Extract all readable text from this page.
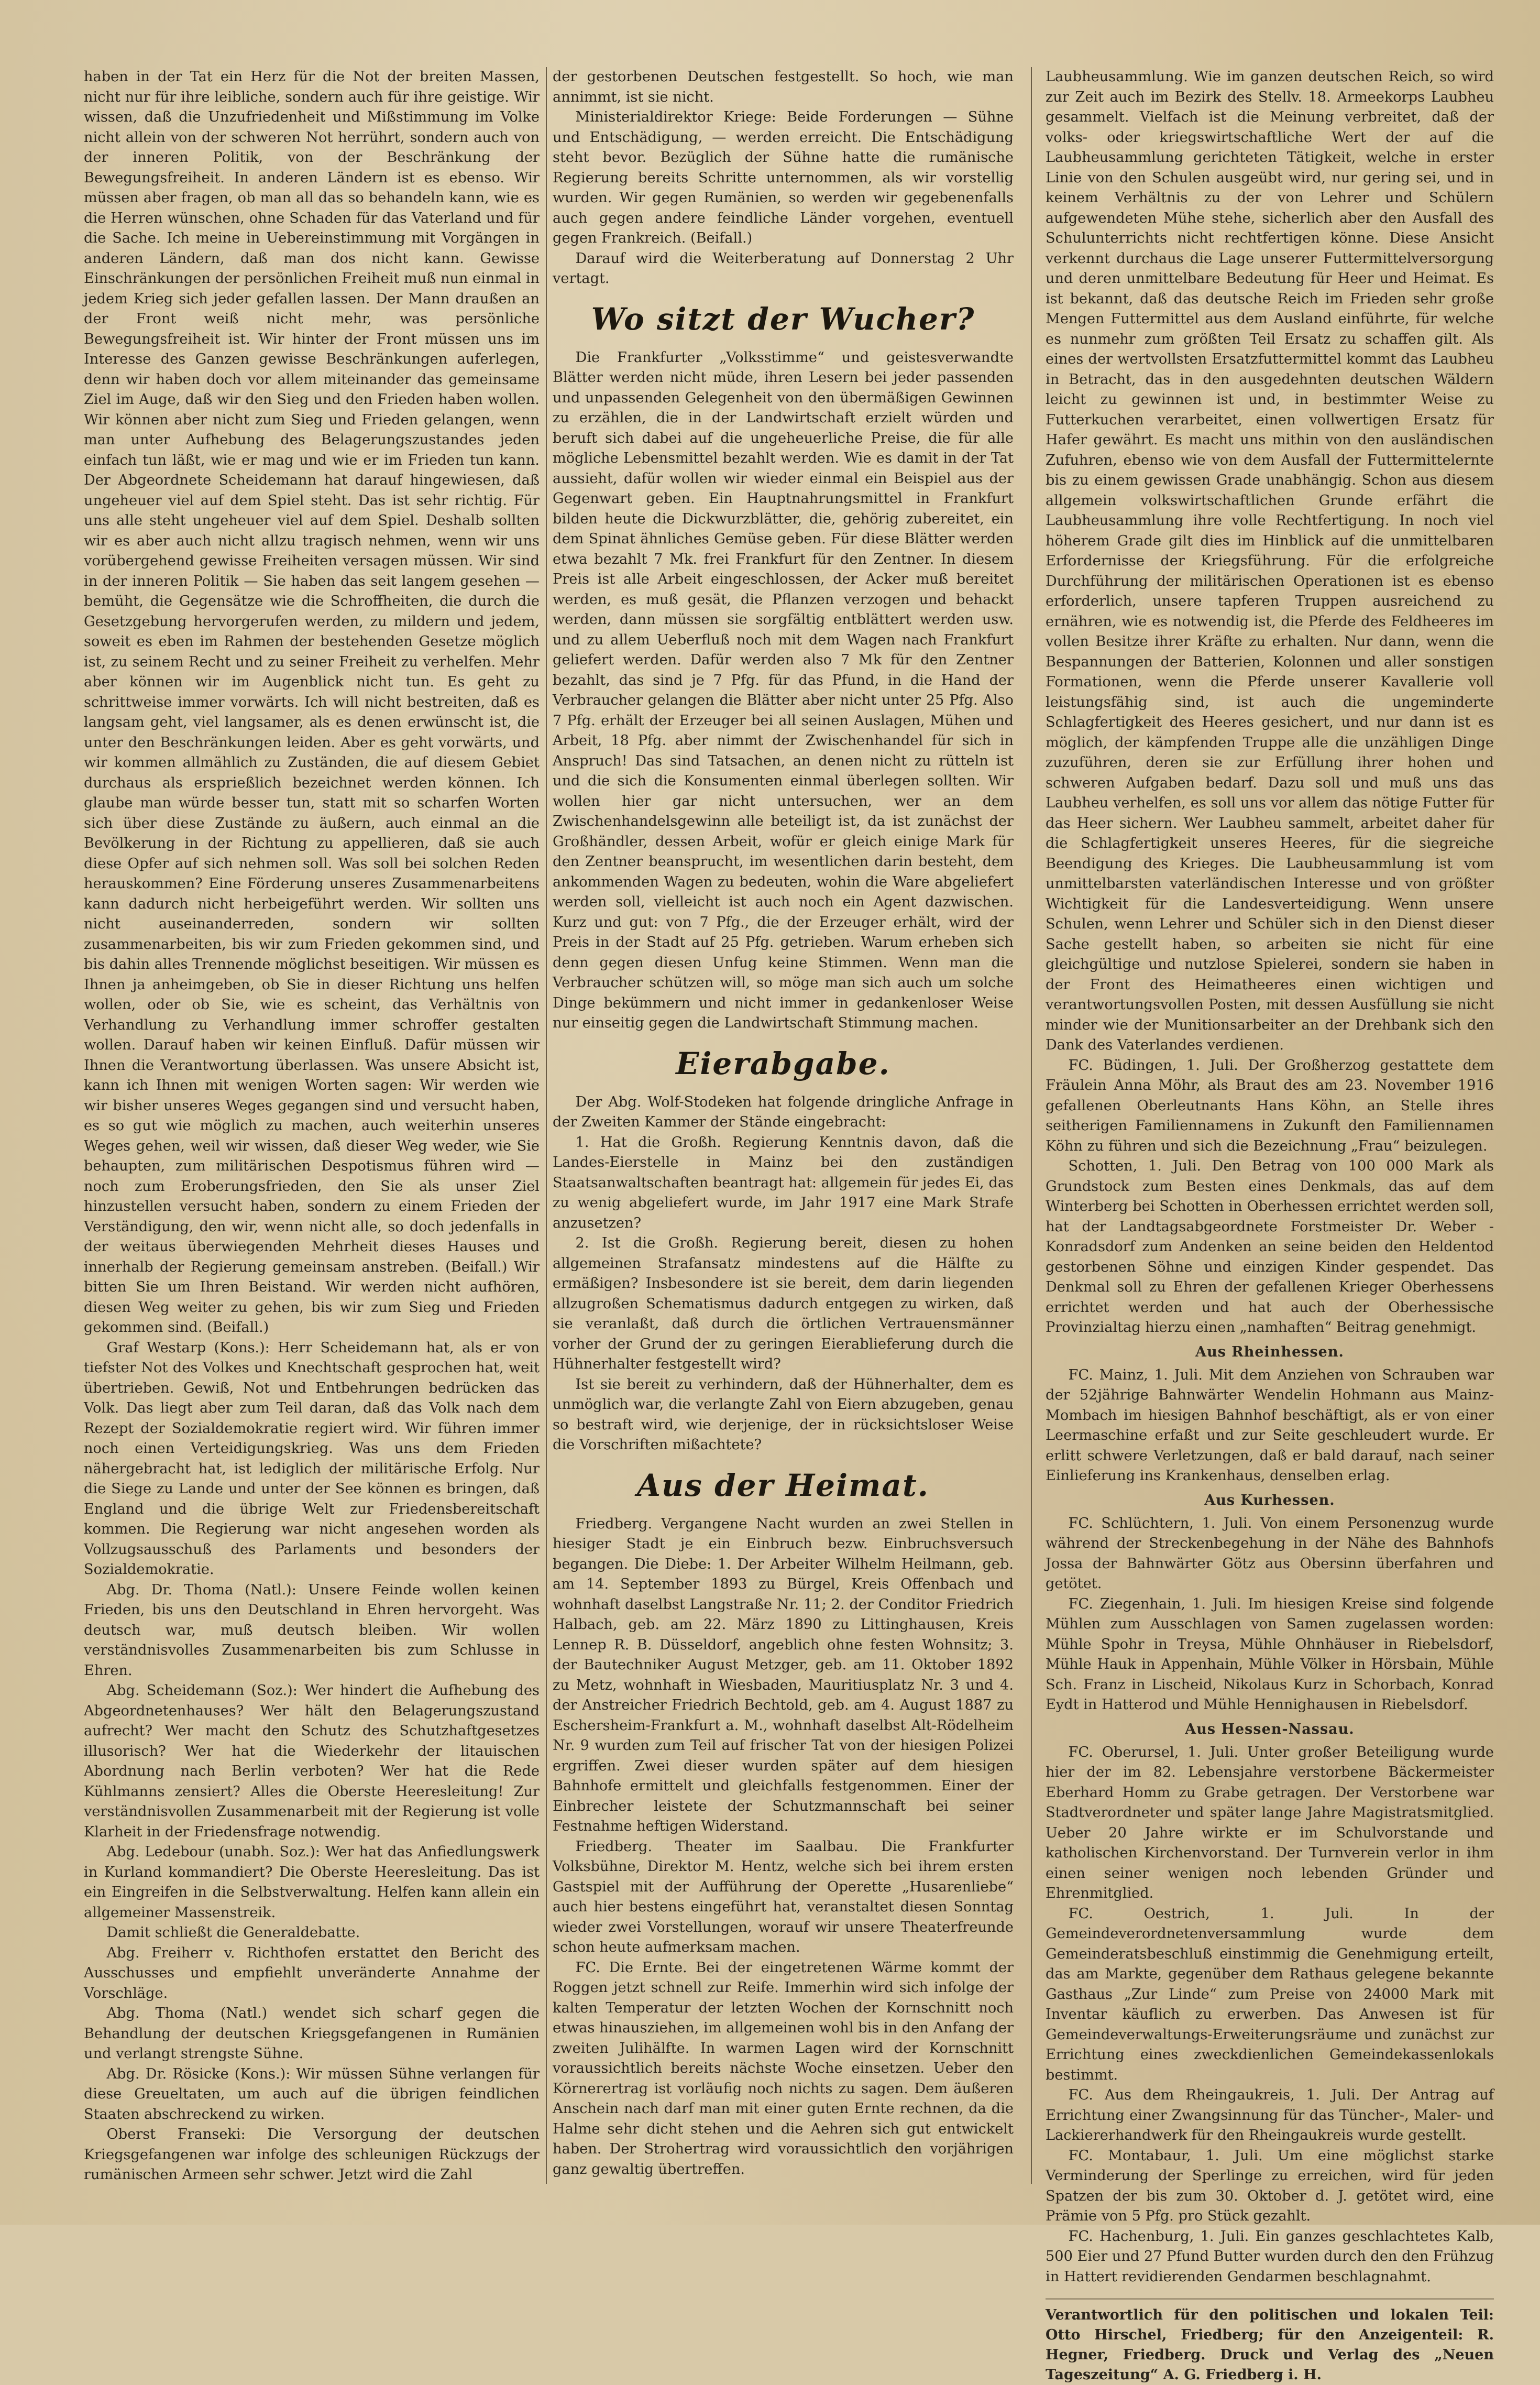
haben in der Tat ein Herz für die Not der breiten Massen, nicht nur für ihre leibliche, sondern auch für ihre geistige. Wir wissen, daß die Unzufriedenheit und Mißstimmung im Volke nicht allein von der schweren Not herrührt, sondern auch von der inneren Politik, von der Beschränkung der Bewegungsfreiheit. In anderen Ländern ist es ebenso. Wir müssen aber fragen, ob man all das so behandeln kann, wie es die Herren wünschen, ohne Schaden für das Vaterland und für die Sache. Ich meine in Uebereinstimmung mit Vorgängen in anderen Ländern, daß man dos nicht kann. Gewisse Einschränkungen der persönlichen Freiheit muß nun einmal in jedem Krieg sich jeder gefallen lassen. Der Mann draußen an der Front weiß nicht mehr, was persönliche Bewegungsfreiheit ist. Wir hinter der Front müssen uns im Interesse des Ganzen gewisse Beschränkungen auferlegen, denn wir haben doch vor allem miteinander das gemeinsame Ziel im Auge, daß wir den Sieg und den Frieden haben wollen. Wir können aber nicht zum Sieg und Frieden gelangen, wenn man unter Aufhebung des Belagerungszustandes jeden einfach tun läßt, wie er mag und wie er im Frieden tun kann. Der Abgeordnete Scheidemann hat darauf hingewiesen, daß ungeheuer viel auf dem Spiel steht. Das ist sehr richtig. Für uns alle steht ungeheuer viel auf dem Spiel. Deshalb sollten wir es aber auch nicht allzu tragisch nehmen, wenn wir uns vorübergehend gewisse Freiheiten versagen müssen. Wir sind in der inneren Politik — Sie haben das seit langem gesehen — bemüht, die Gegensätze wie die Schroffheiten, die durch die Gesetzgebung hervorgerufen werden, zu mildern und jedem, soweit es eben im Rahmen der bestehenden Gesetze möglich ist, zu seinem Recht und zu seiner Freiheit zu verhelfen. Mehr aber können wir im Augenblick nicht tun. Es geht zu schrittweise immer vorwärts. Ich will nicht bestreiten, daß es langsam geht, viel langsamer, als es denen erwünscht ist, die unter den Beschränkungen leiden. Aber es geht vorwärts, und wir kommen allmählich zu Zuständen, die auf diesem Gebiet durchaus als ersprießlich bezeichnet werden können. Ich glaube man würde besser tun, statt mit so scharfen Worten sich über diese Zustände zu äußern, auch einmal an die Bevölkerung in der Richtung zu appellieren, daß sie auch diese Opfer auf sich nehmen soll. Was soll bei solchen Reden herauskommen? Eine Förderung unseres Zusammenarbeitens kann dadurch nicht herbeigeführt werden. Wir sollten uns nicht auseinanderreden, sondern wir sollten zusammenarbeiten, bis wir zum Frieden gekommen sind, und bis dahin alles Trennende möglichst beseitigen. Wir müssen es Ihnen ja anheimgeben, ob Sie in dieser Richtung uns helfen wollen, oder ob Sie, wie es scheint, das Verhältnis von Verhandlung zu Verhandlung immer schroffer gestalten wollen. Darauf haben wir keinen Einfluß. Dafür müssen wir Ihnen die Verantwortung überlassen. Was unsere Absicht ist, kann ich Ihnen mit wenigen Worten sagen: Wir werden wie wir bisher unseres Weges gegangen sind und versucht haben, es so gut wie möglich zu machen, auch weiterhin unseres Weges gehen, weil wir wissen, daß dieser Weg weder, wie Sie behaupten, zum militärischen Despotismus führen wird — noch zum Eroberungsfrieden, den Sie als unser Ziel hinzustellen versucht haben, sondern zu einem Frieden der Verständigung, den wir, wenn nicht alle, so doch jedenfalls in der weitaus überwiegenden Mehrheit dieses Hauses und innerhalb der Regierung gemeinsam anstreben. (Beifall.) Wir bitten Sie um Ihren Beistand. Wir werden nicht aufhören, diesen Weg weiter zu gehen, bis wir zum Sieg und Frieden gekommen sind. (Beifall.)

Graf Westarp (Kons.): Herr Scheidemann hat, als er von tiefster Not des Volkes und Knechtschaft gesprochen hat, weit übertrieben. Gewiß, Not und Entbehrungen bedrücken das Volk. Das liegt aber zum Teil daran, daß das Volk nach dem Rezept der Sozialdemokratie regiert wird. Wir führen immer noch einen Verteidigungskrieg. Was uns dem Frieden nähergebracht hat, ist lediglich der militärische Erfolg. Nur die Siege zu Lande und unter der See können es bringen, daß England und die übrige Welt zur Friedensbereitschaft kommen. Die Regierung war nicht angesehen worden als Vollzugsausschuß des Parlaments und besonders der Sozialdemokratie.

Abg. Dr. Thoma (Natl.): Unsere Feinde wollen keinen Frieden, bis uns den Deutschland in Ehren hervorgeht. Was deutsch war, muß deutsch bleiben. Wir wollen verständnisvolles Zusammenarbeiten bis zum Schlusse in Ehren.

Abg. Scheidemann (Soz.): Wer hindert die Aufhebung des Abgeordnetenhauses? Wer hält den Belagerungszustand aufrecht? Wer macht den Schutz des Schutzhaftgesetzes illusorisch? Wer hat die Wiederkehr der litauischen Abordnung nach Berlin verboten? Wer hat die Rede Kühlmanns zensiert? Alles die Oberste Heeresleitung! Zur verständnisvollen Zusammenarbeit mit der Regierung ist volle Klarheit in der Friedensfrage notwendig.

Abg. Ledebour (unabh. Soz.): Wer hat das Anfiedlungswerk in Kurland kommandiert? Die Oberste Heeresleitung. Das ist ein Eingreifen in die Selbstverwaltung. Helfen kann allein ein allgemeiner Massenstreik.

Damit schließt die Generaldebatte.

Abg. Freiherr v. Richthofen erstattet den Bericht des Ausschusses und empfiehlt unveränderte Annahme der Vorschläge.

Abg. Thoma (Natl.) wendet sich scharf gegen die Behandlung der deutschen Kriegsgefangenen in Rumänien und verlangt strengste Sühne.

Abg. Dr. Rösicke (Kons.): Wir müssen Sühne verlangen für diese Greueltaten, um auch auf die übrigen feindlichen Staaten abschreckend zu wirken.

Oberst Franseki: Die Versorgung der deutschen Kriegsgefangenen war infolge des schleunigen Rückzugs der rumänischen Armeen sehr schwer. Jetzt wird die Zahl

der gestorbenen Deutschen festgestellt. So hoch, wie man annimmt, ist sie nicht.

Ministerialdirektor Kriege: Beide Forderungen — Sühne und Entschädigung, — werden erreicht. Die Entschädigung steht bevor. Bezüglich der Sühne hatte die rumänische Regierung bereits Schritte unternommen, als wir vorstellig wurden. Wir gegen Rumänien, so werden wir gegebenenfalls auch gegen andere feindliche Länder vorgehen, eventuell gegen Frankreich. (Beifall.)

Darauf wird die Weiterberatung auf Donnerstag 2 Uhr vertagt.

Wo sitzt der Wucher?

Die Frankfurter „Volksstimme“ und geistesverwandte Blätter werden nicht müde, ihren Lesern bei jeder passenden und unpassenden Gelegenheit von den übermäßigen Gewinnen zu erzählen, die in der Landwirtschaft erzielt würden und beruft sich dabei auf die ungeheuerliche Preise, die für alle mögliche Lebensmittel bezahlt werden. Wie es damit in der Tat aussieht, dafür wollen wir wieder einmal ein Beispiel aus der Gegenwart geben. Ein Hauptnahrungsmittel in Frankfurt bilden heute die Dickwurzblätter, die, gehörig zubereitet, ein dem Spinat ähnliches Gemüse geben. Für diese Blätter werden etwa bezahlt 7 Mk. frei Frankfurt für den Zentner. In diesem Preis ist alle Arbeit eingeschlossen, der Acker muß bereitet werden, es muß gesät, die Pflanzen verzogen und behackt werden, dann müssen sie sorgfältig entblättert werden usw. und zu allem Ueberfluß noch mit dem Wagen nach Frankfurt geliefert werden. Dafür werden also 7 Mk für den Zentner bezahlt, das sind je 7 Pfg. für das Pfund, in die Hand der Verbraucher gelangen die Blätter aber nicht unter 25 Pfg. Also 7 Pfg. erhält der Erzeuger bei all seinen Auslagen, Mühen und Arbeit, 18 Pfg. aber nimmt der Zwischenhandel für sich in Anspruch! Das sind Tatsachen, an denen nicht zu rütteln ist und die sich die Konsumenten einmal überlegen sollten. Wir wollen hier gar nicht untersuchen, wer an dem Zwischenhandelsgewinn alle beteiligt ist, da ist zunächst der Großhändler, dessen Arbeit, wofür er gleich einige Mark für den Zentner beansprucht, im wesentlichen darin besteht, dem ankommenden Wagen zu bedeuten, wohin die Ware abgeliefert werden soll, vielleicht ist auch noch ein Agent dazwischen. Kurz und gut: von 7 Pfg., die der Erzeuger erhält, wird der Preis in der Stadt auf 25 Pfg. getrieben. Warum erheben sich denn gegen diesen Unfug keine Stimmen. Wenn man die Verbraucher schützen will, so möge man sich auch um solche Dinge bekümmern und nicht immer in gedankenloser Weise nur einseitig gegen die Landwirtschaft Stimmung machen.

Eierabgabe.

Der Abg. Wolf-Stodeken hat folgende dringliche Anfrage in der Zweiten Kammer der Stände eingebracht:

1. Hat die Großh. Regierung Kenntnis davon, daß die Landes-Eierstelle in Mainz bei den zuständigen Staatsanwaltschaften beantragt hat: allgemein für jedes Ei, das zu wenig abgeliefert wurde, im Jahr 1917 eine Mark Strafe anzusetzen?

2. Ist die Großh. Regierung bereit, diesen zu hohen allgemeinen Strafansatz mindestens auf die Hälfte zu ermäßigen? Insbesondere ist sie bereit, dem darin liegenden allzugroßen Schematismus dadurch entgegen zu wirken, daß sie veranlaßt, daß durch die örtlichen Vertrauensmänner vorher der Grund der zu geringen Eierablieferung durch die Hühnerhalter festgestellt wird?

Ist sie bereit zu verhindern, daß der Hühnerhalter, dem es unmöglich war, die verlangte Zahl von Eiern abzugeben, genau so bestraft wird, wie derjenige, der in rücksichtsloser Weise die Vorschriften mißachtete?

Aus der Heimat.

Friedberg. Vergangene Nacht wurden an zwei Stellen in hiesiger Stadt je ein Einbruch bezw. Einbruchsversuch begangen. Die Diebe: 1. Der Arbeiter Wilhelm Heilmann, geb. am 14. September 1893 zu Bürgel, Kreis Offenbach und wohnhaft daselbst Langstraße Nr. 11; 2. der Conditor Friedrich Halbach, geb. am 22. März 1890 zu Littinghausen, Kreis Lennep R. B. Düsseldorf, angeblich ohne festen Wohnsitz; 3. der Bautechniker August Metzger, geb. am 11. Oktober 1892 zu Metz, wohnhaft in Wiesbaden, Mauritiusplatz Nr. 3 und 4. der Anstreicher Friedrich Bechtold, geb. am 4. August 1887 zu Eschersheim-Frankfurt a. M., wohnhaft daselbst Alt-Rödelheim Nr. 9 wurden zum Teil auf frischer Tat von der hiesigen Polizei ergriffen. Zwei dieser wurden später auf dem hiesigen Bahnhofe ermittelt und gleichfalls festgenommen. Einer der Einbrecher leistete der Schutzmannschaft bei seiner Festnahme heftigen Widerstand.

Friedberg. Theater im Saalbau. Die Frankfurter Volksbühne, Direktor M. Hentz, welche sich bei ihrem ersten Gastspiel mit der Aufführung der Operette „Husarenliebe“ auch hier bestens eingeführt hat, veranstaltet diesen Sonntag wieder zwei Vorstellungen, worauf wir unsere Theaterfreunde schon heute aufmerksam machen.

FC. Die Ernte. Bei der eingetretenen Wärme kommt der Roggen jetzt schnell zur Reife. Immerhin wird sich infolge der kalten Temperatur der letzten Wochen der Kornschnitt noch etwas hinausziehen, im allgemeinen wohl bis in den Anfang der zweiten Julihälfte. In warmen Lagen wird der Kornschnitt voraussichtlich bereits nächste Woche einsetzen. Ueber den Körnerertrag ist vorläufig noch nichts zu sagen. Dem äußeren Anschein nach darf man mit einer guten Ernte rechnen, da die Halme sehr dicht stehen und die Aehren sich gut entwickelt haben. Der Strohertrag wird voraussichtlich den vorjährigen ganz gewaltig übertreffen.

Laubheusammlung. Wie im ganzen deutschen Reich, so wird zur Zeit auch im Bezirk des Stellv. 18. Armeekorps Laubheu gesammelt. Vielfach ist die Meinung verbreitet, daß der volks- oder kriegswirtschaftliche Wert der auf die Laubheusammlung gerichteten Tätigkeit, welche in erster Linie von den Schulen ausgeübt wird, nur gering sei, und in keinem Verhältnis zu der von Lehrer und Schülern aufgewendeten Mühe stehe, sicherlich aber den Ausfall des Schulunterrichts nicht rechtfertigen könne. Diese Ansicht verkennt durchaus die Lage unserer Futtermittelversorgung und deren unmittelbare Bedeutung für Heer und Heimat. Es ist bekannt, daß das deutsche Reich im Frieden sehr große Mengen Futtermittel aus dem Ausland einführte, für welche es nunmehr zum größten Teil Ersatz zu schaffen gilt. Als eines der wertvollsten Ersatzfuttermittel kommt das Laubheu in Betracht, das in den ausgedehnten deutschen Wäldern leicht zu gewinnen ist und, in bestimmter Weise zu Futterkuchen verarbeitet, einen vollwertigen Ersatz für Hafer gewährt. Es macht uns mithin von den ausländischen Zufuhren, ebenso wie von dem Ausfall der Futtermittelernte bis zu einem gewissen Grade unabhängig. Schon aus diesem allgemein volkswirtschaftlichen Grunde erfährt die Laubheusammlung ihre volle Rechtfertigung. In noch viel höherem Grade gilt dies im Hinblick auf die unmittelbaren Erfordernisse der Kriegsführung. Für die erfolgreiche Durchführung der militärischen Operationen ist es ebenso erforderlich, unsere tapferen Truppen ausreichend zu ernähren, wie es notwendig ist, die Pferde des Feldheeres im vollen Besitze ihrer Kräfte zu erhalten. Nur dann, wenn die Bespannungen der Batterien, Kolonnen und aller sonstigen Formationen, wenn die Pferde unserer Kavallerie voll leistungsfähig sind, ist auch die ungeminderte Schlagfertigkeit des Heeres gesichert, und nur dann ist es möglich, der kämpfenden Truppe alle die unzähligen Dinge zuzuführen, deren sie zur Erfüllung ihrer hohen und schweren Aufgaben bedarf. Dazu soll und muß uns das Laubheu verhelfen, es soll uns vor allem das nötige Futter für das Heer sichern. Wer Laubheu sammelt, arbeitet daher für die Schlagfertigkeit unseres Heeres, für die siegreiche Beendigung des Krieges. Die Laubheusammlung ist vom unmittelbarsten vaterländischen Interesse und von größter Wichtigkeit für die Landesverteidigung. Wenn unsere Schulen, wenn Lehrer und Schüler sich in den Dienst dieser Sache gestellt haben, so arbeiten sie nicht für eine gleichgültige und nutzlose Spielerei, sondern sie haben in der Front des Heimatheeres einen wichtigen und verantwortungsvollen Posten, mit dessen Ausfüllung sie nicht minder wie der Munitionsarbeiter an der Drehbank sich den Dank des Vaterlandes verdienen.

FC. Büdingen, 1. Juli. Der Großherzog gestattete dem Fräulein Anna Möhr, als Braut des am 23. November 1916 gefallenen Oberleutnants Hans Köhn, an Stelle ihres seitherigen Familiennamens in Zukunft den Familiennamen Köhn zu führen und sich die Bezeichnung „Frau“ beizulegen.

Schotten, 1. Juli. Den Betrag von 100 000 Mark als Grundstock zum Besten eines Denkmals, das auf dem Winterberg bei Schotten in Oberhessen errichtet werden soll, hat der Landtagsabgeordnete Forstmeister Dr. Weber - Konradsdorf zum Andenken an seine beiden den Heldentod gestorbenen Söhne und einzigen Kinder gespendet. Das Denkmal soll zu Ehren der gefallenen Krieger Oberhessens errichtet werden und hat auch der Oberhessische Provinzialtag hierzu einen „namhaften“ Beitrag genehmigt.

Aus Rheinhessen.

FC. Mainz, 1. Juli. Mit dem Anziehen von Schrauben war der 52jährige Bahnwärter Wendelin Hohmann aus Mainz-Mombach im hiesigen Bahnhof beschäftigt, als er von einer Leermaschine erfaßt und zur Seite geschleudert wurde. Er erlitt schwere Verletzungen, daß er bald darauf, nach seiner Einlieferung ins Krankenhaus, denselben erlag.

Aus Kurhessen.

FC. Schlüchtern, 1. Juli. Von einem Personenzug wurde während der Streckenbegehung in der Nähe des Bahnhofs Jossa der Bahnwärter Götz aus Obersinn überfahren und getötet.

FC. Ziegenhain, 1. Juli. Im hiesigen Kreise sind folgende Mühlen zum Ausschlagen von Samen zugelassen worden: Mühle Spohr in Treysa, Mühle Ohnhäuser in Riebelsdorf, Mühle Hauk in Appenhain, Mühle Völker in Hörsbain, Mühle Sch. Franz in Lischeid, Nikolaus Kurz in Schorbach, Konrad Eydt in Hatterod und Mühle Hennighausen in Riebelsdorf.

Aus Hessen-Nassau.

FC. Oberursel, 1. Juli. Unter großer Beteiligung wurde hier der im 82. Lebensjahre verstorbene Bäckermeister Eberhard Homm zu Grabe getragen. Der Verstorbene war Stadtverordneter und später lange Jahre Magistratsmitglied. Ueber 20 Jahre wirkte er im Schulvorstande und katholischen Kirchenvorstand. Der Turnverein verlor in ihm einen seiner wenigen noch lebenden Gründer und Ehrenmitglied.

FC. Oestrich, 1. Juli. In der Gemeindeverordnetenversammlung wurde dem Gemeinderatsbeschluß einstimmig die Genehmigung erteilt, das am Markte, gegenüber dem Rathaus gelegene bekannte Gasthaus „Zur Linde“ zum Preise von 24000 Mark mit Inventar käuflich zu erwerben. Das Anwesen ist für Gemeindeverwaltungs-Erweiterungsräume und zunächst zur Errichtung eines zweckdienlichen Gemeindekassenlokals bestimmt.

FC. Aus dem Rheingaukreis, 1. Juli. Der Antrag auf Errichtung einer Zwangsinnung für das Tüncher-, Maler- und Lackiererhandwerk für den Rheingaukreis wurde gestellt.

FC. Montabaur, 1. Juli. Um eine möglichst starke Verminderung der Sperlinge zu erreichen, wird für jeden Spatzen der bis zum 30. Oktober d. J. getötet wird, eine Prämie von 5 Pfg. pro Stück gezahlt.

FC. Hachenburg, 1. Juli. Ein ganzes geschlachtetes Kalb, 500 Eier und 27 Pfund Butter wurden durch den den Frühzug in Hattert revidierenden Gendarmen beschlagnahmt.

Verantwortlich für den politischen und lokalen Teil: Otto Hirschel, Friedberg; für den Anzeigenteil: R. Hegner, Friedberg. Druck und Verlag des „Neuen Tageszeitung“ A. G. Friedberg i. H.
